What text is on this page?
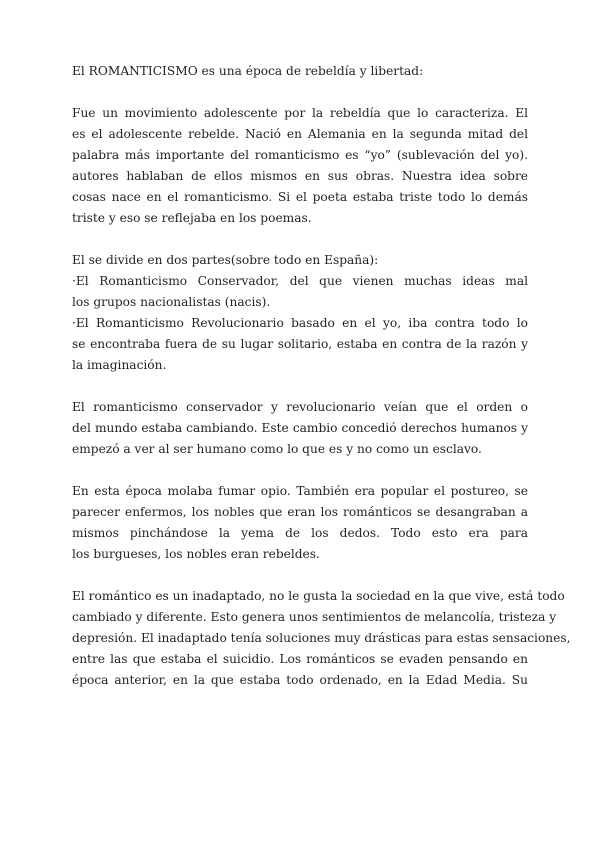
El ROMANTICISMO es una época de rebeldía y libertad:
Fue un movimiento adolescente por la rebeldía que lo caracteriza. El
es el adolescente rebelde. Nació en Alemania en la segunda mitad del
palabra más importante del romanticismo es “yo” (sublevación del yo).
autores hablaban de ellos mismos en sus obras. Nuestra idea sobre
cosas nace en el romanticismo. Si el poeta estaba triste todo lo demás
triste y eso se reflejaba en los poemas.
El se divide en dos partes(sobre todo en España):
·El Romanticismo Conservador, del que vienen muchas ideas mal
los grupos nacionalistas (nacis).
·El Romanticismo Revolucionario basado en el yo, iba contra todo lo
se encontraba fuera de su lugar solitario, estaba en contra de la razón y
la imaginación.
El romanticismo conservador y revolucionario veían que el orden o
del mundo estaba cambiando. Este cambio concedió derechos humanos y
empezó a ver al ser humano como lo que es y no como un esclavo.
En esta época molaba fumar opio. También era popular el postureo, se
parecer enfermos, los nobles que eran los románticos se desangraban a
mismos pinchándose la yema de los dedos. Todo esto era para
los burgueses, los nobles eran rebeldes.
El romántico es un inadaptado, no le gusta la sociedad en la que vive, está todo
cambiado y diferente. Esto genera unos sentimientos de melancolía, tristeza y
depresión. El inadaptado tenía soluciones muy drásticas para estas sensaciones,
entre las que estaba el suicidio. Los románticos se evaden pensando en
época anterior, en la que estaba todo ordenado, en la Edad Media. Su
